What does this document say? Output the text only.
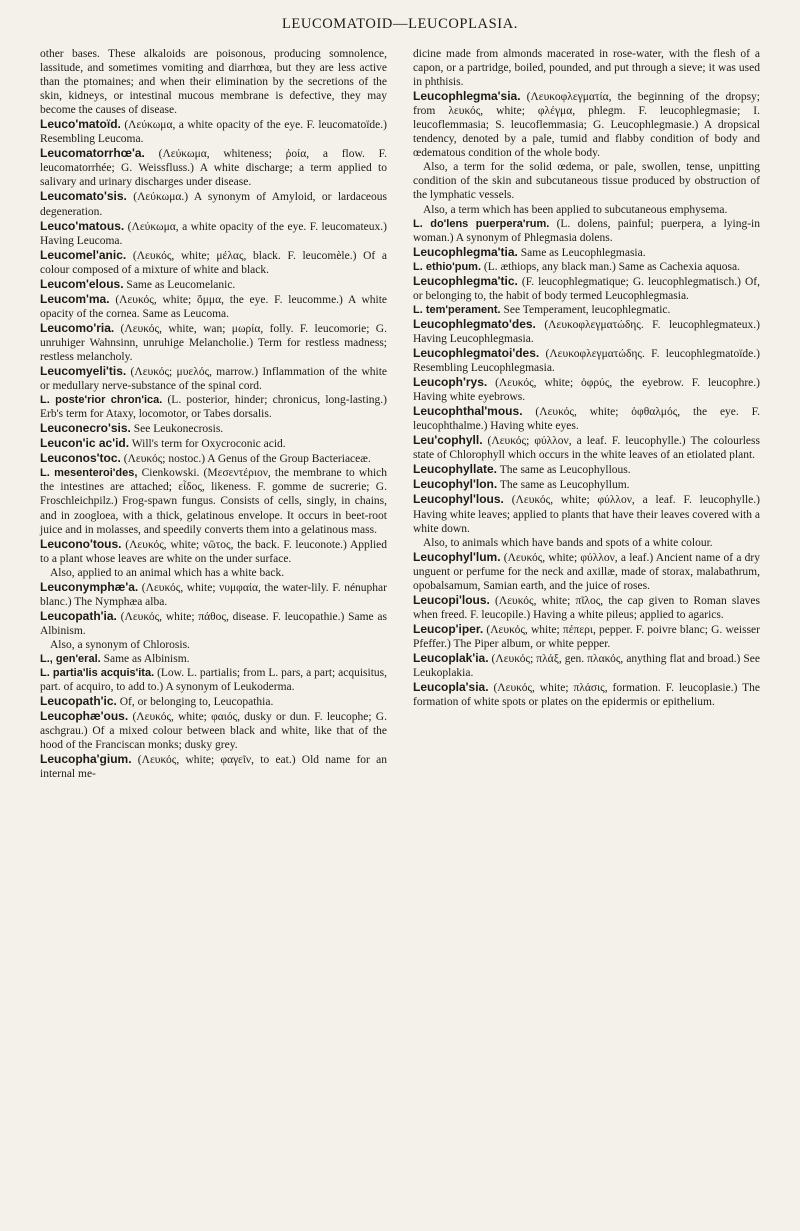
LEUCOMATOID—LEUCOPLASIA.

other bases. These alkaloids are poisonous, producing somnolence, lassitude, and sometimes vomiting and diarrhœa, but they are less active than the ptomaines; and when their elimination by the secretions of the skin, kidneys, or intestinal mucous membrane is defective, they may become the causes of disease.

Leuco'matoïd. (Λεύκωμα, a white opacity of the eye. F. leucomatoïde.) Resembling Leucoma.

Leucomatorrhœ'a. (Λεύκωμα, whiteness; ῥοία, a flow. F. leucomatorrhée; G. Weissfluss.) A white discharge; a term applied to salivary and urinary discharges under disease.

Leucomato'sis. (Λεύκωμα.) A synonym of Amyloid, or lardaceous degeneration.

Leuco'matous. (Λεύκωμα, a white opacity of the eye. F. leucomateux.) Having Leucoma.

Leucomel'anic. (Λευκός, white; μέλας, black. F. leucomèle.) Of a colour composed of a mixture of white and black.

Leucom'elous. Same as Leucomelanic.

Leucom'ma. (Λευκός, white; ὄμμα, the eye. F. leucomme.) A white opacity of the cornea. Same as Leucoma.

Leucomo'ria. (Λευκός, white, wan; μωρία, folly. F. leucomorie; G. unruhiger Wahnsinn, unruhige Melancholie.) Term for restless madness; restless melancholy.

Leucomyeli'tis. (Λευκός; μυελός, marrow.) Inflammation of the white or medullary nerve-substance of the spinal cord.

L. poste'rior chron'ica. (L. posterior, hinder; chronicus, long-lasting.) Erb's term for Ataxy, locomotor, or Tabes dorsalis.

Leuconecro'sis. See Leukonecrosis.

Leucon'ic ac'id. Will's term for Oxycroconic acid.

Leuconos'toc. (Λευκός; nostoc.) A Genus of the Group Bacteriaceæ.

L. mesenteroi'des, Cienkowski. (Μεσεντέριον, the membrane to which the intestines are attached; εἶδος, likeness. F. gomme de sucrerie; G. Froschleichpilz.) Frog-spawn fungus. Consists of cells, singly, in chains, and in zoogloea, with a thick, gelatinous envelope. It occurs in beet-root juice and in molasses, and speedily converts them into a gelatinous mass.

Leucono'tous. (Λευκός, white; νῶτος, the back. F. leuconote.) Applied to a plant whose leaves are white on the under surface.

Also, applied to an animal which has a white back.

Leuconymphæ'a. (Λευκός, white; νυμφαία, the water-lily. F. nénuphar blanc.) The Nymphæa alba.

Leucopath'ia. (Λευκός, white; πάθος, disease. F. leucopathie.) Same as Albinism.

Also, a synonym of Chlorosis.

L., gen'eral. Same as Albinism.

L. partia'lis acquis'ita. (Low. L. partialis; from L. pars, a part; acquisitus, part. of acquiro, to add to.) A synonym of Leukoderma.

Leucopath'ic. Of, or belonging to, Leucopathia.

Leucophæ'ous. (Λευκός, white; φαιός, dusky or dun. F. leucophe; G. aschgrau.) Of a mixed colour between black and white, like that of the hood of the Franciscan monks; dusky grey.

Leucopha'gium. (Λευκός, white; φαγεῖν, to eat.) Old name for an internal me-

dicine made from almonds macerated in rose-water, with the flesh of a capon, or a partridge, boiled, pounded, and put through a sieve; it was used in phthisis.

Leucophlegma'sia. (Λευκοφλεγματία, the beginning of the dropsy; from λευκός, white; φλέγμα, phlegm. F. leucophlegmasie; I. leucoflemmasia; S. leucoflemmasia; G. Leucophlegmasie.) A dropsical tendency, denoted by a pale, tumid and flabby condition of body and œdematous condition of the whole body.

Also, a term for the solid œdema, or pale, swollen, tense, unpitting condition of the skin and subcutaneous tissue produced by obstruction of the lymphatic vessels.

Also, a term which has been applied to subcutaneous emphysema.

L. do'lens puerpera'rum. (L. dolens, painful; puerpera, a lying-in woman.) A synonym of Phlegmasia dolens.

Leucophlegma'tia. Same as Leucophlegmasia.

L. ethio'pum. (L. æthiops, any black man.) Same as Cachexia aquosa.

Leucophlegma'tic. (F. leucophlegmatique; G. leucophlegmatisch.) Of, or belonging to, the habit of body termed Leucophlegmasia.

L. tem'perament. See Temperament, leucophlegmatic.

Leucophlegmato'des. (Λευκοφλεγματώδης. F. leucophlegmateux.) Having Leucophlegmasia.

Leucophlegmatoi'des. (Λευκοφλεγματώδης. F. leucophlegmatoïde.) Resembling Leucophlegmasia.

Leucoph'rys. (Λευκός, white; ὀφρύς, the eyebrow. F. leucophre.) Having white eyebrows.

Leucophthal'mous. (Λευκός, white; ὀφθαλμός, the eye. F. leucophthalme.) Having white eyes.

Leu'cophyll. (Λευκός; φύλλον, a leaf. F. leucophylle.) The colourless state of Chlorophyll which occurs in the white leaves of an etiolated plant.

Leucophyllate. The same as Leucophyllous.

Leucophyl'lon. The same as Leucophyllum.

Leucophyl'lous. (Λευκός, white; φύλλον, a leaf. F. leucophylle.) Having white leaves; applied to plants that have their leaves covered with a white down.

Also, to animals which have bands and spots of a white colour.

Leucophyl'lum. (Λευκός, white; φύλλον, a leaf.) Ancient name of a dry unguent or perfume for the neck and axillæ, made of storax, malabathrum, opobalsamum, Samian earth, and the juice of roses.

Leucopi'lous. (Λευκός, white; πῖλος, the cap given to Roman slaves when freed. F. leucopile.) Having a white pileus; applied to agarics.

Leucop'iper. (Λευκός, white; πέπερι, pepper. F. poivre blanc; G. weisser Pfeffer.) The Piper album, or white pepper.

Leucoplak'ia. (Λευκός; πλάξ, gen. πλακός, anything flat and broad.) See Leukoplakia.

Leucopla'sia. (Λευκός, white; πλάσις, formation. F. leucoplasie.) The formation of white spots or plates on the epidermis or epithelium.
